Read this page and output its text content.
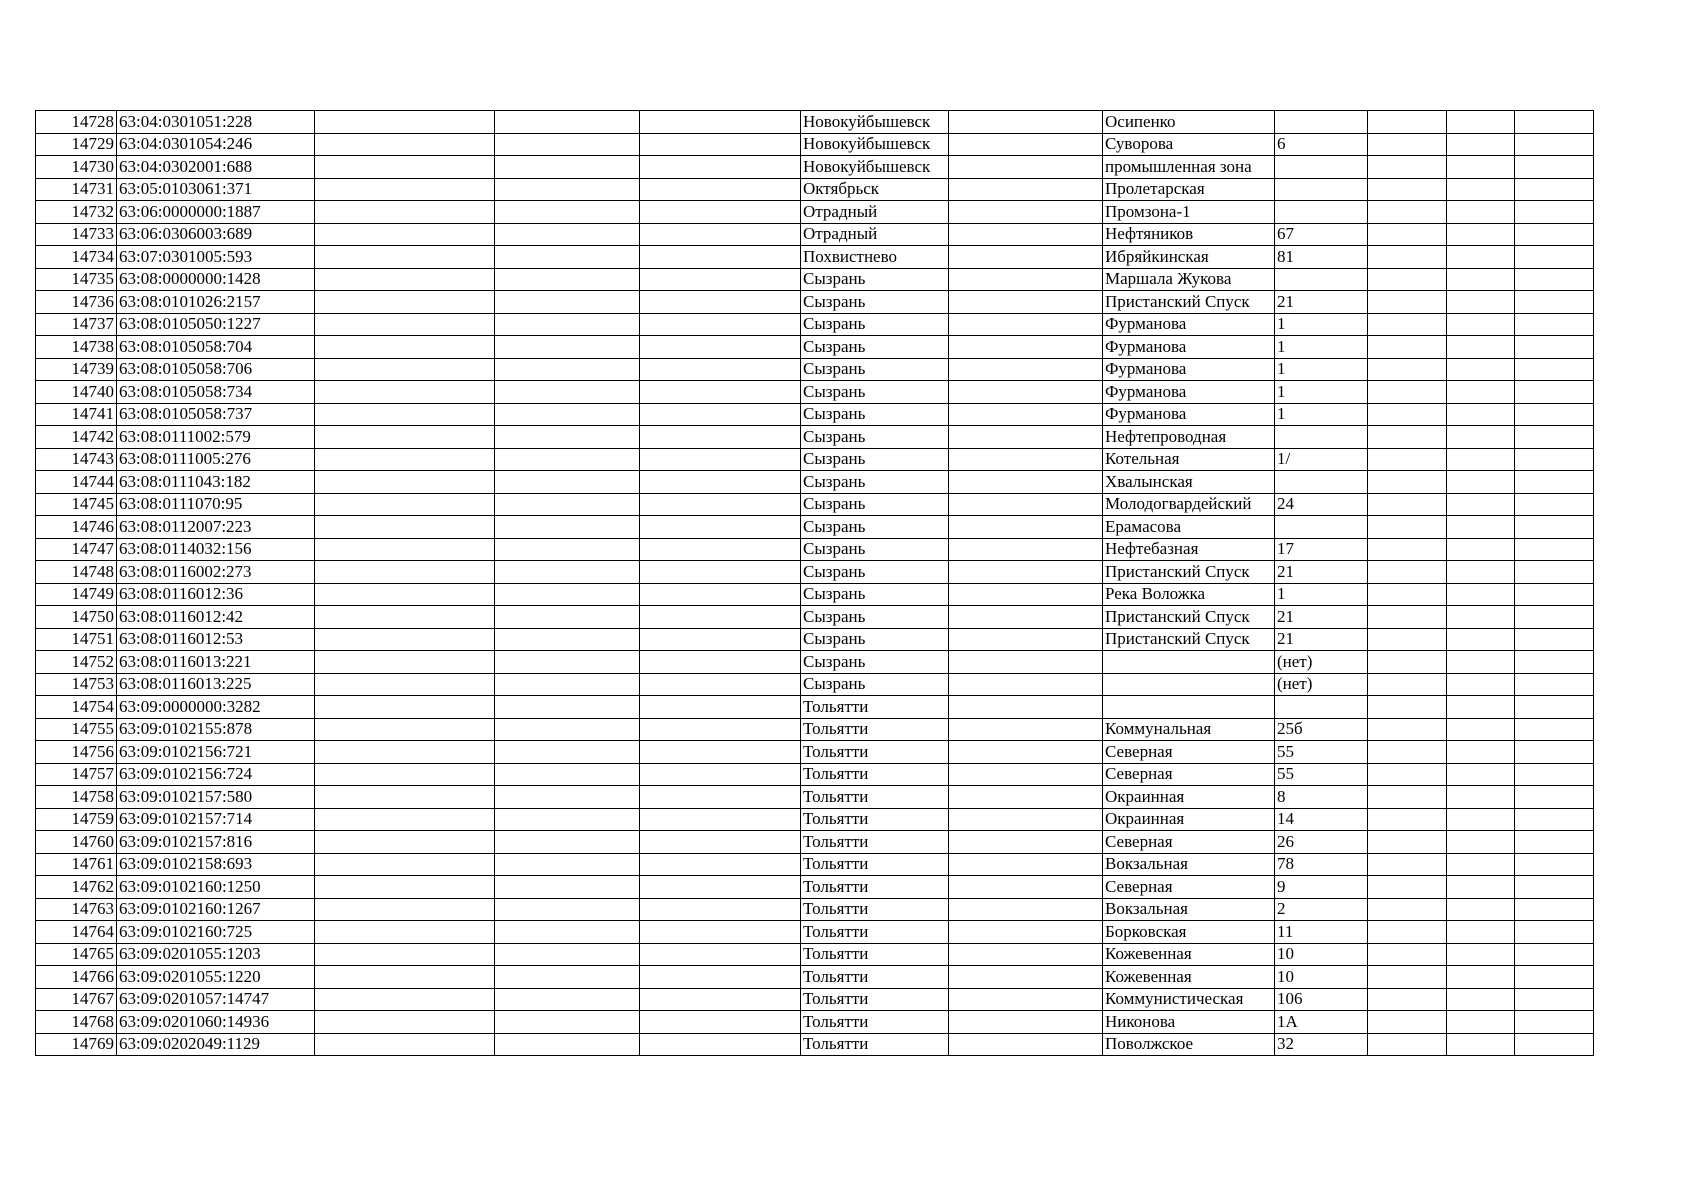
14728	63:04:0301051:228				Новокуйбышевск		Осипенко				
14729	63:04:0301054:246				Новокуйбышевск		Суворова	6			
14730	63:04:0302001:688				Новокуйбышевск		промышленная зона				
14731	63:05:0103061:371				Октябрьск		Пролетарская				
14732	63:06:0000000:1887				Отрадный		Промзона-1				
14733	63:06:0306003:689				Отрадный		Нефтяников	67			
14734	63:07:0301005:593				Похвистнево		Ибряйкинская	81			
14735	63:08:0000000:1428				Сызрань		Маршала Жукова				
14736	63:08:0101026:2157				Сызрань		Пристанский Спуск	21			
14737	63:08:0105050:1227				Сызрань		Фурманова	1			
14738	63:08:0105058:704				Сызрань		Фурманова	1			
14739	63:08:0105058:706				Сызрань		Фурманова	1			
14740	63:08:0105058:734				Сызрань		Фурманова	1			
14741	63:08:0105058:737				Сызрань		Фурманова	1			
14742	63:08:0111002:579				Сызрань		Нефтепроводная				
14743	63:08:0111005:276				Сызрань		Котельная	1/			
14744	63:08:0111043:182				Сызрань		Хвалынская				
14745	63:08:0111070:95				Сызрань		Молодогвардейский	24			
14746	63:08:0112007:223				Сызрань		Ерамасова				
14747	63:08:0114032:156				Сызрань		Нефтебазная	17			
14748	63:08:0116002:273				Сызрань		Пристанский Спуск	21			
14749	63:08:0116012:36				Сызрань		Река Воложка	1			
14750	63:08:0116012:42				Сызрань		Пристанский Спуск	21			
14751	63:08:0116012:53				Сызрань		Пристанский Спуск	21			
14752	63:08:0116013:221				Сызрань			(нет)			
14753	63:08:0116013:225				Сызрань			(нет)			
14754	63:09:0000000:3282				Тольятти						
14755	63:09:0102155:878				Тольятти		Коммунальная	25б			
14756	63:09:0102156:721				Тольятти		Северная	55			
14757	63:09:0102156:724				Тольятти		Северная	55			
14758	63:09:0102157:580				Тольятти		Окраинная	8			
14759	63:09:0102157:714				Тольятти		Окраинная	14			
14760	63:09:0102157:816				Тольятти		Северная	26			
14761	63:09:0102158:693				Тольятти		Вокзальная	78			
14762	63:09:0102160:1250				Тольятти		Северная	9			
14763	63:09:0102160:1267				Тольятти		Вокзальная	2			
14764	63:09:0102160:725				Тольятти		Борковская	11			
14765	63:09:0201055:1203				Тольятти		Кожевенная	10			
14766	63:09:0201055:1220				Тольятти		Кожевенная	10			
14767	63:09:0201057:14747				Тольятти		Коммунистическая	106			
14768	63:09:0201060:14936				Тольятти		Никонова	1А			
14769	63:09:0202049:1129				Тольятти		Поволжское	32			
